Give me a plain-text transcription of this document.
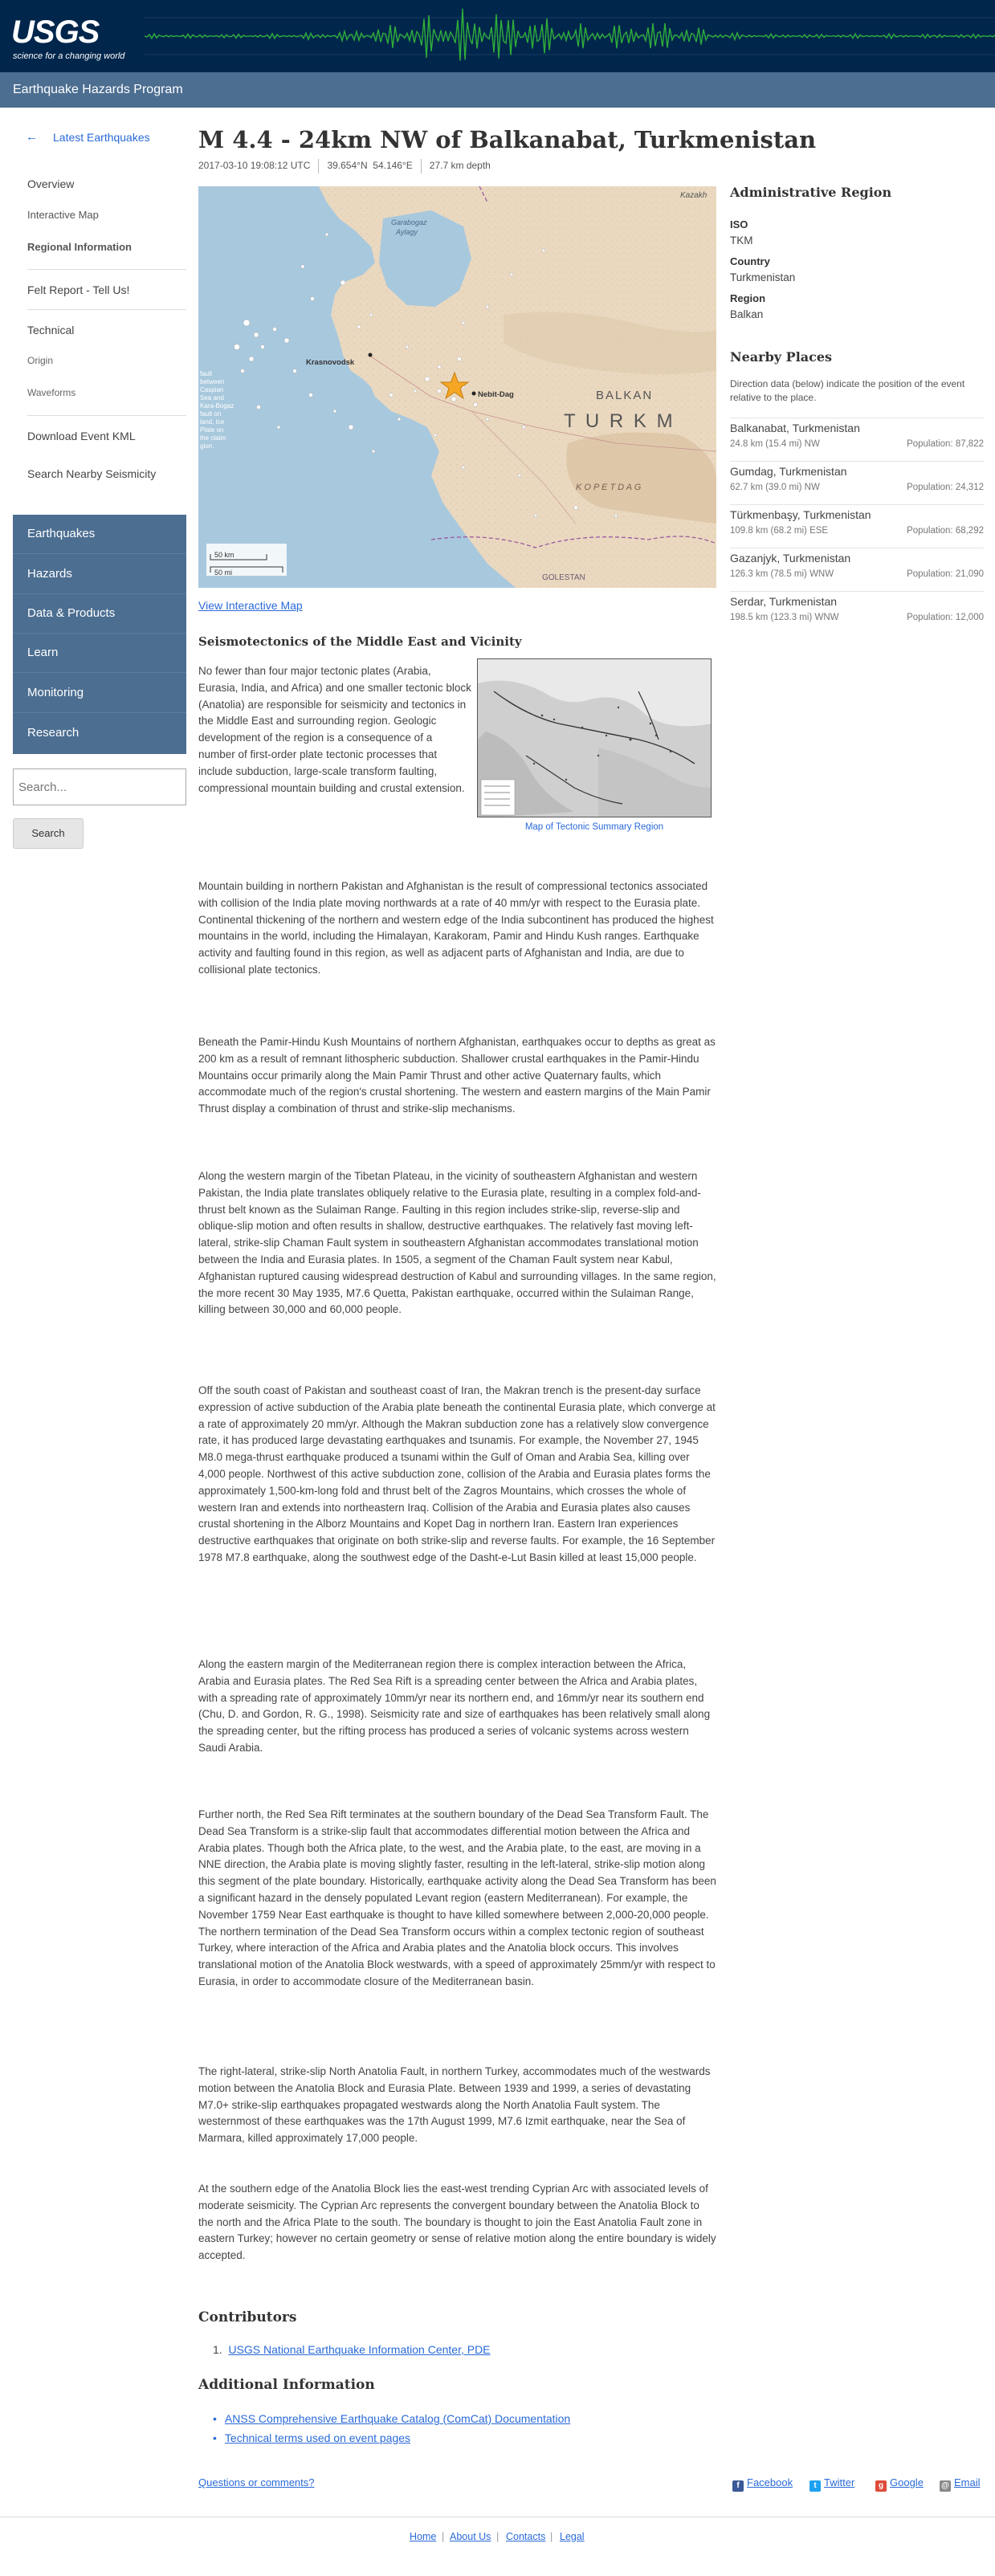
USGS
science for a changing world
Earthquake Hazards Program
← Latest Earthquakes
Overview
Interactive Map
Regional Information
Felt Report - Tell Us!
Technical
Origin
Waveforms
Download Event KML
Search Nearby Seismicity
Earthquakes
Hazards
Data & Products
Learn
Monitoring
Research
Search...
Search
M 4.4 - 24km NW of Balkanabat, Turkmenistan
2017-03-10 19:08:12 UTC 39.654°N 54.146°E 27.7 km depth
fault between Caspian Sea and Kara-Bogaz fault on land. Ice Plate on the claim gion.
Kazakh
Garabogaz
Aylagy
Krasnovodsk
Nebit-Dag	BALKAN
T U R K M
K O P E T D A G
GOLESTAN
50 km
50 mi
View Interactive Map
Seismotectonics of the Middle East and Vicinity

No fewer than four major tectonic plates (Arabia, Eurasia, India, and Africa) and one smaller tectonic block (Anatolia) are responsible for seismicity and tectonics in the Middle East and surrounding region. Geologic development of the region is a consequence of a number of first-order plate tectonic processes that include subduction, large-scale transform faulting, compressional mountain building and crustal extension.

Map of Tectonic Summary Region

Mountain building in northern Pakistan and Afghanistan is the result of compressional tectonics associated with collision of the India plate moving northwards at a rate of 40 mm/yr with respect to the Eurasia plate. Continental thickening of the northern and western edge of the India subcontinent has produced the highest mountains in the world, including the Himalayan, Karakoram, Pamir and Hindu Kush ranges. Earthquake activity and faulting found in this region, as well as adjacent parts of Afghanistan and India, are due to collisional plate tectonics.

Beneath the Pamir-Hindu Kush Mountains of northern Afghanistan, earthquakes occur to depths as great as 200 km as a result of remnant lithospheric subduction. Shallower crustal earthquakes in the Pamir-Hindu Mountains occur primarily along the Main Pamir Thrust and other active Quaternary faults, which accommodate much of the region's crustal shortening. The western and eastern margins of the Main Pamir Thrust display a combination of thrust and strike-slip mechanisms.

Along the western margin of the Tibetan Plateau, in the vicinity of southeastern Afghanistan and western Pakistan, the India plate translates obliquely relative to the Eurasia plate, resulting in a complex fold-and-thrust belt known as the Sulaiman Range. Faulting in this region includes strike-slip, reverse-slip and oblique-slip motion and often results in shallow, destructive earthquakes. The relatively fast moving left-lateral, strike-slip Chaman Fault system in southeastern Afghanistan accommodates translational motion between the India and Eurasia plates. In 1505, a segment of the Chaman Fault system near Kabul, Afghanistan ruptured causing widespread destruction of Kabul and surrounding villages. In the same region, the more recent 30 May 1935, M7.6 Quetta, Pakistan earthquake, occurred within the Sulaiman Range, killing between 30,000 and 60,000 people.

Off the south coast of Pakistan and southeast coast of Iran, the Makran trench is the present-day surface expression of active subduction of the Arabia plate beneath the continental Eurasia plate, which converge at a rate of approximately 20 mm/yr. Although the Makran subduction zone has a relatively slow convergence rate, it has produced large devastating earthquakes and tsunamis. For example, the November 27, 1945 M8.0 mega-thrust earthquake produced a tsunami within the Gulf of Oman and Arabia Sea, killing over 4,000 people. Northwest of this active subduction zone, collision of the Arabia and Eurasia plates forms the approximately 1,500-km-long fold and thrust belt of the Zagros Mountains, which crosses the whole of western Iran and extends into northeastern Iraq. Collision of the Arabia and Eurasia plates also causes crustal shortening in the Alborz Mountains and Kopet Dag in northern Iran. Eastern Iran experiences destructive earthquakes that originate on both strike-slip and reverse faults. For example, the 16 September 1978 M7.8 earthquake, along the southwest edge of the Dasht-e-Lut Basin killed at least 15,000 people.

Along the eastern margin of the Mediterranean region there is complex interaction between the Africa, Arabia and Eurasia plates. The Red Sea Rift is a spreading center between the Africa and Arabia plates, with a spreading rate of approximately 10mm/yr near its northern end, and 16mm/yr near its southern end (Chu, D. and Gordon, R. G., 1998). Seismicity rate and size of earthquakes has been relatively small along the spreading center, but the rifting process has produced a series of volcanic systems across western Saudi Arabia.

Further north, the Red Sea Rift terminates at the southern boundary of the Dead Sea Transform Fault. The Dead Sea Transform is a strike-slip fault that accommodates differential motion between the Africa and Arabia plates. Though both the Africa plate, to the west, and the Arabia plate, to the east, are moving in a NNE direction, the Arabia plate is moving slightly faster, resulting in the left-lateral, strike-slip motion along this segment of the plate boundary. Historically, earthquake activity along the Dead Sea Transform has been a significant hazard in the densely populated Levant region (eastern Mediterranean). For example, the November 1759 Near East earthquake is thought to have killed somewhere between 2,000-20,000 people. The northern termination of the Dead Sea Transform occurs within a complex tectonic region of southeast Turkey, where interaction of the Africa and Arabia plates and the Anatolia block occurs. This involves translational motion of the Anatolia Block westwards, with a speed of approximately 25mm/yr with respect to Eurasia, in order to accommodate closure of the Mediterranean basin.

The right-lateral, strike-slip North Anatolia Fault, in northern Turkey, accommodates much of the westwards motion between the Anatolia Block and Eurasia Plate. Between 1939 and 1999, a series of devastating M7.0+ strike-slip earthquakes propagated westwards along the North Anatolia Fault system. The westernmost of these earthquakes was the 17th August 1999, M7.6 Izmit earthquake, near the Sea of Marmara, killed approximately 17,000 people.

At the southern edge of the Anatolia Block lies the east-west trending Cyprian Arc with associated levels of moderate seismicity. The Cyprian Arc represents the convergent boundary between the Anatolia Block to the north and the Africa Plate to the south. The boundary is thought to join the East Anatolia Fault zone in eastern Turkey; however no certain geometry or sense of relative motion along the entire boundary is widely accepted.

Contributors
1. USGS National Earthquake Information Center, PDE
Additional Information
• ANSS Comprehensive Earthquake Catalog (ComCat) Documentation
• Technical terms used on event pages
Questions or comments?	f Facebook	t Twitter	g Google @ Email
Home | About Us | Contacts | Legal
Administrative Region
ISO
TKM
Country
Turkmenistan
Region
Balkan
Nearby Places

Direction data (below) indicate the position of the event relative to the place.

Balkanabat, Turkmenistan
24.8 km (15.4 mi) NW	Population: 87,822
Gumdag, Turkmenistan
62.7 km (39.0 mi) NW	Population: 24,312
Türkmenbaşy, Turkmenistan
109.8 km (68.2 mi) ESE	Population: 68,292
Gazanjyk, Turkmenistan
126.3 km (78.5 mi) WNW	Population: 21,090
Serdar, Turkmenistan
198.5 km (123.3 mi) WNW	Population: 12,000
